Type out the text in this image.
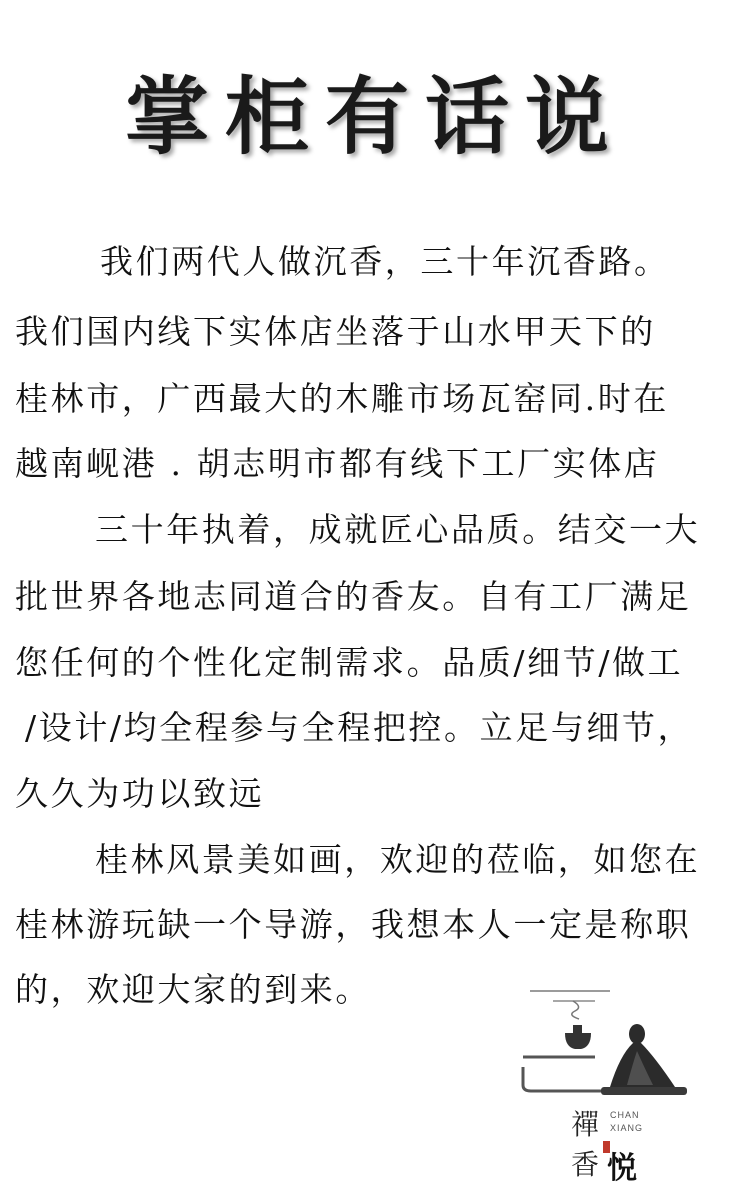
掌柜有话说
我们两代人做沉香，三十年沉香路。
我们国内线下实体店坐落于山水甲天下的
桂林市，广西最大的木雕市场瓦窑同.时在
越南岘港 . 胡志明市都有线下工厂实体店
三十年执着，成就匠心品质。结交一大
批世界各地志同道合的香友。自有工厂满足
您任何的个性化定制需求。品质/细节/做工
/设计/均全程参与全程把控。立足与细节，
久久为功以致远
桂林风景美如画，欢迎的莅临，如您在
桂林游玩缺一个导游，我想本人一定是称职
的，欢迎大家的到来。
禪 CHAN
XIANG
香 悦
